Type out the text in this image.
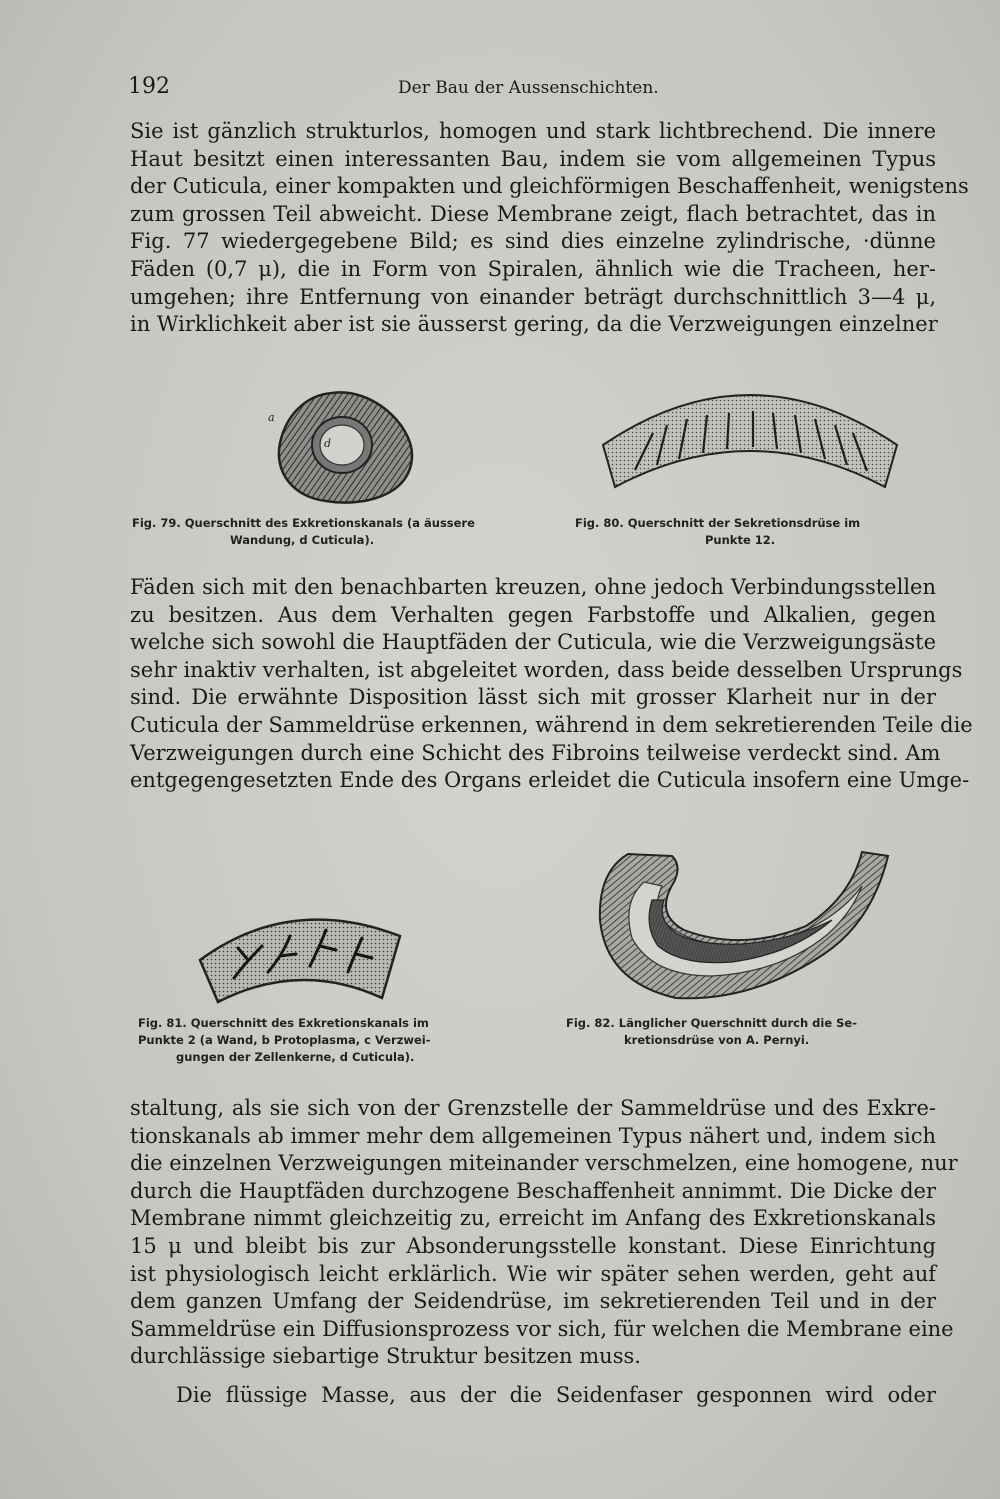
192	Der Bau der Aussenschichten.

Sie ist gänzlich strukturlos, homogen und stark lichtbrechend. Die innere
Haut besitzt einen interessanten Bau, indem sie vom allgemeinen Typus
der Cuticula, einer kompakten und gleichförmigen Beschaffenheit, wenigstens
zum grossen Teil abweicht. Diese Membrane zeigt, flach betrachtet, das in
Fig. 77 wiedergegebene Bild; es sind dies einzelne zylindrische, ·dünne
Fäden (0,7 μ), die in Form von Spiralen, ähnlich wie die Tracheen, her-
umgehen; ihre Entfernung von einander beträgt durchschnittlich 3—4 μ,
in Wirklichkeit aber ist sie äusserst gering, da die Verzweigungen einzelner

a
d
Fig. 79. Querschnitt des Exkretionskanals (a äussere
Wandung, d Cuticula).
Fig. 80. Querschnitt der Sekretionsdrüse im
Punkte 12.

Fäden sich mit den benachbarten kreuzen, ohne jedoch Verbindungsstellen
zu besitzen. Aus dem Verhalten gegen Farbstoffe und Alkalien, gegen
welche sich sowohl die Hauptfäden der Cuticula, wie die Verzweigungsäste
sehr inaktiv verhalten, ist abgeleitet worden, dass beide desselben Ursprungs
sind. Die erwähnte Disposition lässt sich mit grosser Klarheit nur in der
Cuticula der Sammeldrüse erkennen, während in dem sekretierenden Teile die
Verzweigungen durch eine Schicht des Fibroins teilweise verdeckt sind. Am
entgegengesetzten Ende des Organs erleidet die Cuticula insofern eine Umge-

Fig. 81. Querschnitt des Exkretionskanals im
Punkte 2 (a Wand, b Protoplasma, c Verzwei-
gungen der Zellenkerne, d Cuticula).
Fig. 82. Länglicher Querschnitt durch die Se-
kretionsdrüse von A. Pernyi.

staltung, als sie sich von der Grenzstelle der Sammeldrüse und des Exkre-
tionskanals ab immer mehr dem allgemeinen Typus nähert und, indem sich
die einzelnen Verzweigungen miteinander verschmelzen, eine homogene, nur
durch die Hauptfäden durchzogene Beschaffenheit annimmt. Die Dicke der
Membrane nimmt gleichzeitig zu, erreicht im Anfang des Exkretionskanals
15 μ und bleibt bis zur Absonderungsstelle konstant. Diese Einrichtung
ist physiologisch leicht erklärlich. Wie wir später sehen werden, geht auf
dem ganzen Umfang der Seidendrüse, im sekretierenden Teil und in der
Sammeldrüse ein Diffusionsprozess vor sich, für welchen die Membrane eine
durchlässige siebartige Struktur besitzen muss.

Die flüssige Masse, aus der die Seidenfaser gesponnen wird oder
